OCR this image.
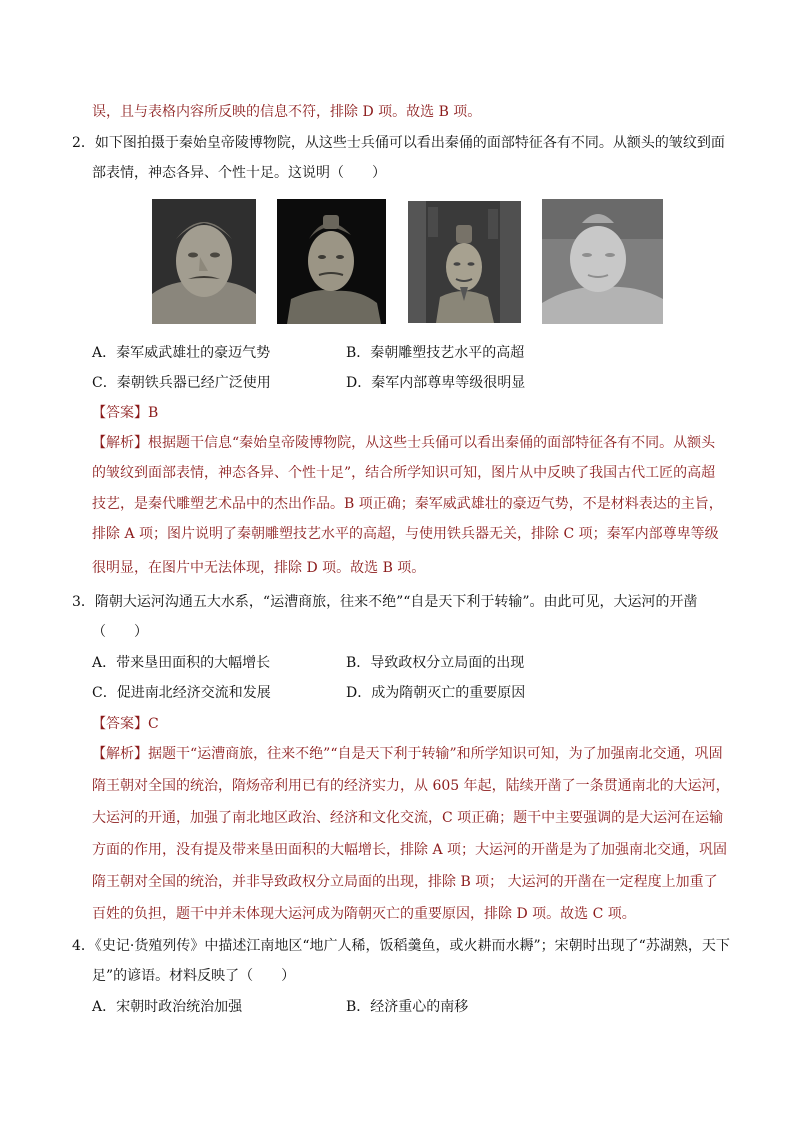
误，且与表格内容所反映的信息不符，排除 D 项。故选 B 项。
2．如下图拍摄于秦始皇帝陵博物院，从这些士兵俑可以看出秦俑的面部特征各有不同。从额头的皱纹到面
部表情，神态各异、个性十足。这说明（　　）
A．秦军威武雄壮的豪迈气势	B．秦朝雕塑技艺水平的高超
C．秦朝铁兵器已经广泛使用	D．秦军内部尊卑等级很明显
【答案】B
【解析】根据题干信息“秦始皇帝陵博物院，从这些士兵俑可以看出秦俑的面部特征各有不同。从额头
的皱纹到面部表情，神态各异、个性十足”，结合所学知识可知，图片从中反映了我国古代工匠的高超
技艺，是秦代雕塑艺术品中的杰出作品。B 项正确；秦军威武雄壮的豪迈气势，不是材料表达的主旨，
排除 A 项；图片说明了秦朝雕塑技艺水平的高超，与使用铁兵器无关，排除 C 项；秦军内部尊卑等级
很明显，在图片中无法体现，排除 D 项。故选 B 项。
3．隋朝大运河沟通五大水系，“运漕商旅，往来不绝”“自是天下利于转输”。由此可见，大运河的开凿
（　　）
A．带来垦田面积的大幅增长	B．导致政权分立局面的出现
C．促进南北经济交流和发展	D．成为隋朝灭亡的重要原因
【答案】C
【解析】据题干“运漕商旅，往来不绝”“自是天下利于转输”和所学知识可知，为了加强南北交通，巩固
隋王朝对全国的统治，隋炀帝利用已有的经济实力，从 605 年起，陆续开凿了一条贯通南北的大运河，
大运河的开通，加强了南北地区政治、经济和文化交流，C 项正确；题干中主要强调的是大运河在运输
方面的作用，没有提及带来垦田面积的大幅增长，排除 A 项；大运河的开凿是为了加强南北交通，巩固
隋王朝对全国的统治，并非导致政权分立局面的出现，排除 B 项； 大运河的开凿在一定程度上加重了
百姓的负担，题干中并未体现大运河成为隋朝灭亡的重要原因，排除 D 项。故选 C 项。
4．《史记·货殖列传》中描述江南地区“地广人稀，饭稻羹鱼，或火耕而水耨”；宋朝时出现了“苏湖熟，天下
足”的谚语。材料反映了（　　）
A．宋朝时政治统治加强	B．经济重心的南移
